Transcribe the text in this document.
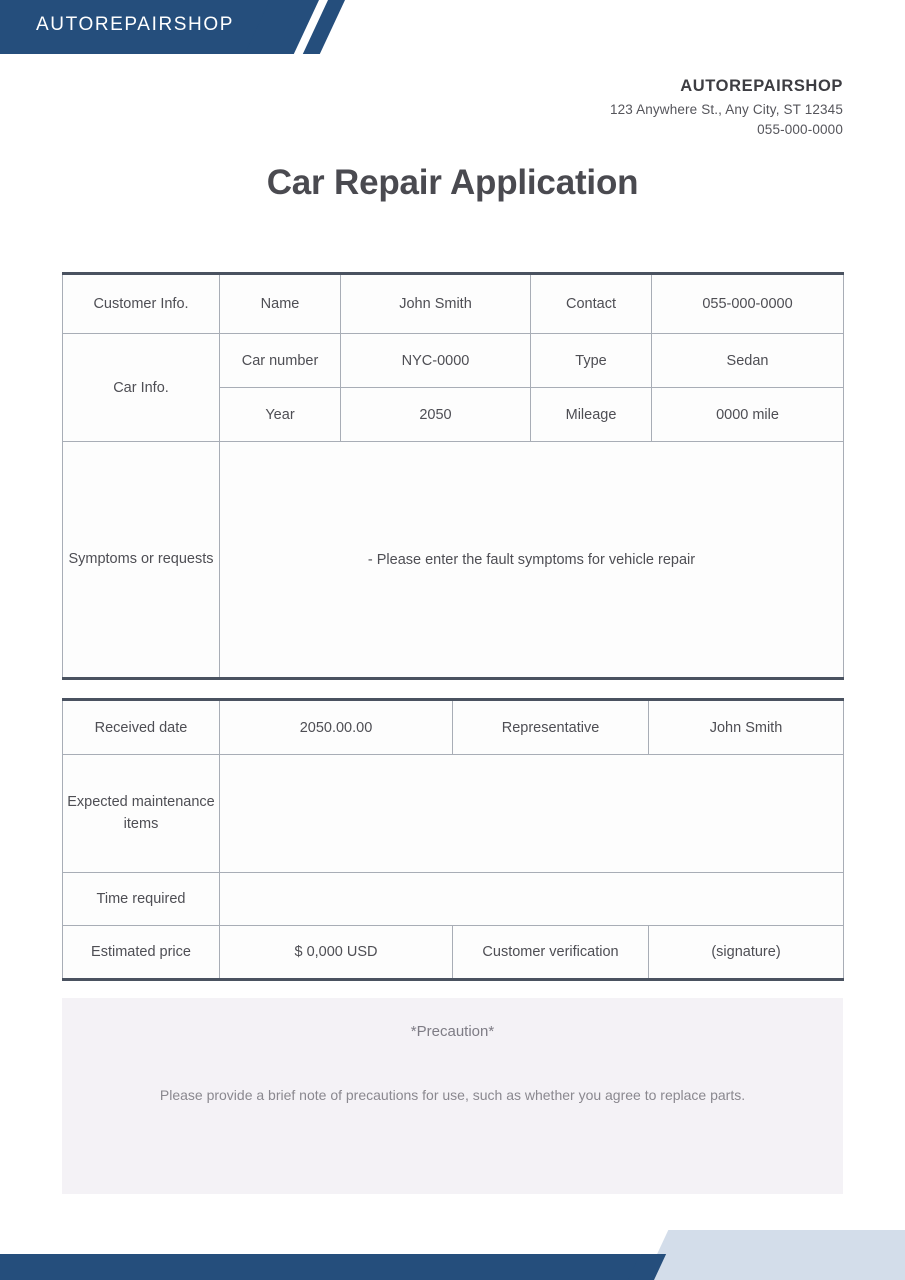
AUTOREPAIRSHOP
AUTOREPAIRSHOP
123 Anywhere St., Any City, ST 12345
055-000-0000
Car Repair Application
Customer Info.	Name	John Smith	Contact	055-000-0000
Car Info.	Car number	NYC-0000	Type	Sedan
	Year	2050	Mileage	0000 mile
Symptoms or requests	- Please enter the fault symptoms for vehicle repair			
Received date	2050.00.00	Representative	John Smith
Expected maintenance items			
Time required			
Estimated price	$ 0,000 USD	Customer verification	(signature)
*Precaution*
Please provide a brief note of precautions for use, such as whether you agree to replace parts.
